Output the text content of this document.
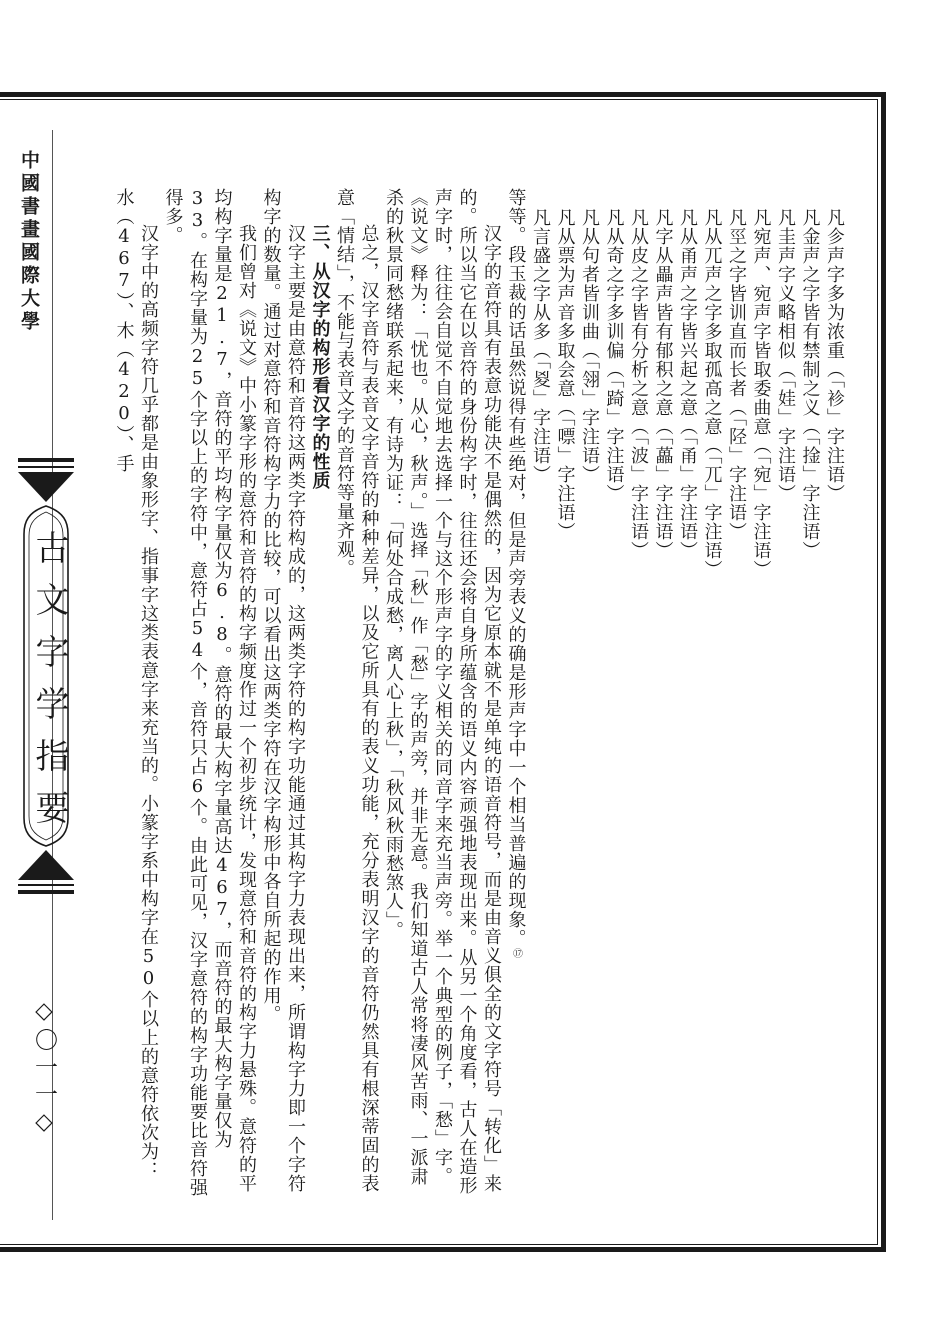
中國書畫國際大學
古文字学指要
◇〇一一◇

凡㐱声字多为浓重（「袗」字注语）

凡金声之字皆有禁制之义（「捦」字注语）

凡圭声字义略相似（「娃」字注语）

凡宛声、宛声字皆取委曲意（「宛」字注语）

凡巠之字皆训直而长者（「陉」字注语）

凡从兀声之字多取孤高之意（「兀」字注语）

凡从甬声之字皆兴起之意（「甬」字注语）

凡字从畾声皆有郁积之意（「藟」字注语）

凡从皮之字皆有分析之意（「波」字注语）

凡从奇之字多训偏（「踦」字注语）

凡从句者皆训曲（「翎」字注语）

凡从票为声音多取会意（「嘌」字注语）

凡言盛之字从多（「㚇」字注语）

等等。段玉裁的话虽然说得有些绝对，但是声旁表义的确是形声字中一个相当普遍的现象。⑰

汉字的音符具有表意功能决不是偶然的，因为它原本就不是单纯的语音符号，而是由音义俱全的文字符号「转化」来的。所以当它在以音符的身份构字时，往往还会将自身所蕴含的语义内容顽强地表现出来。从另一个角度看，古人在造形声字时，往往会自觉不自觉地去选择一个与这个形声字的字义相关的同音字来充当声旁。举一个典型的例子，「愁」字。《说文》释为：「忧也。从心，秋声。」选择「秋」作「愁」字的声旁，并非无意。我们知道古人常将凄风苦雨、一派肃杀的秋景同愁绪联系起来，有诗为证：「何处合成愁，离人心上秋」，「秋风秋雨愁煞人」。

总之，汉字音符与表音文字音符的种种差异，以及它所具有的表义功能，充分表明汉字的音符仍然具有根深蒂固的表意「情结」，不能与表音文字的音符等量齐观。

三、从汉字的构形看汉字的性质

汉字主要是由意符和音符这两类字符构成的，这两类字符的构字功能通过其构字力表现出来，所谓构字力即一个字符构字的数量。通过对意符和音符构字力的比较，可以看出这两类字符在汉字构形中各自所起的作用。

我们曾对《说文》中小篆字形的意符和音符的构字频度作过一个初步统计，发现意符和音符的构字力悬殊。意符的平均构字量是21.7，音符的平均构字量仅为6.8。意符的最大构字量高达467，而音符的最大构字量仅为33。在构字量为25个字以上的字符中，意符占54个，音符只占6个。由此可见，汉字意符的构字功能要比音符强得多。

汉字中的高频字符几乎都是由象形字、指事字这类表意字来充当的。小篆字系中构字在50个以上的意符依次为：水（467）、木（420）、手
